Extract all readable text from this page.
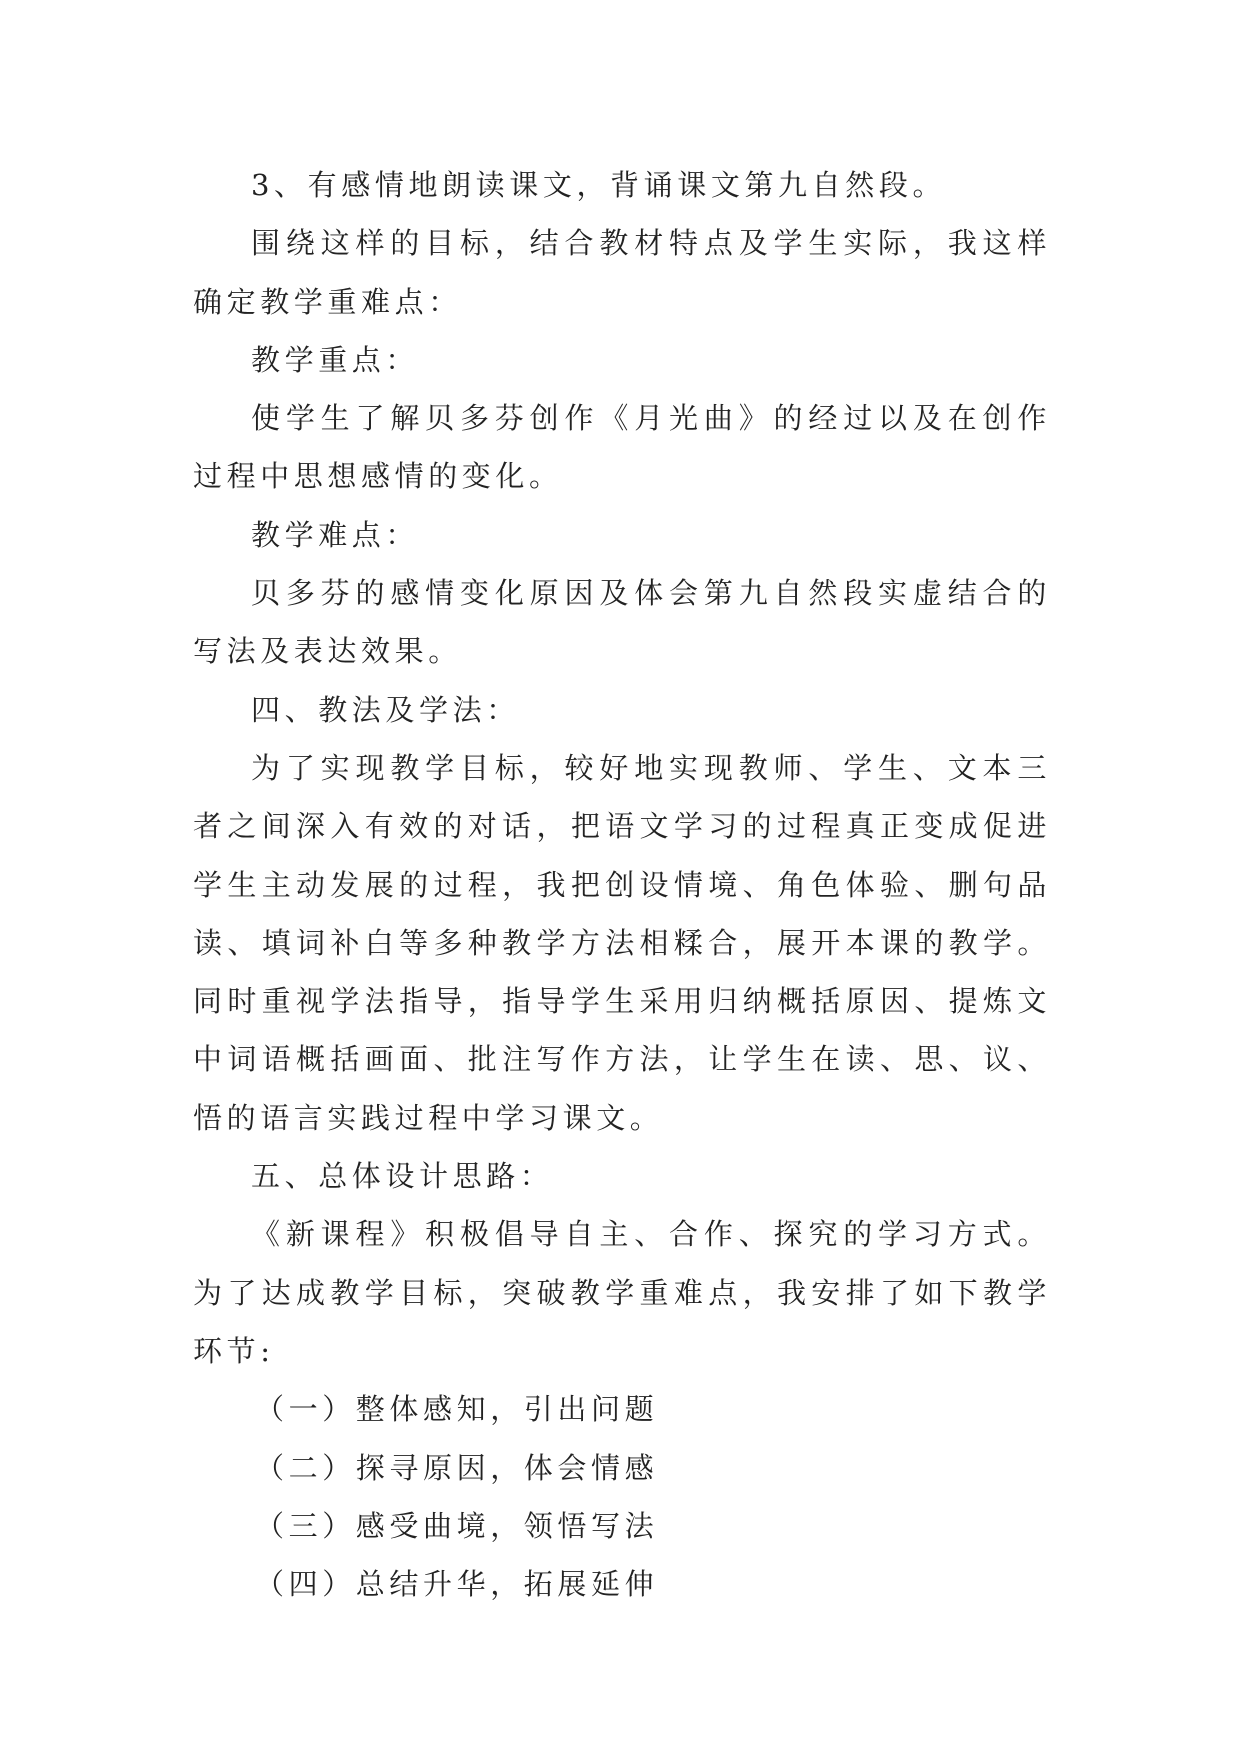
3、有感情地朗读课文，背诵课文第九自然段。

围绕这样的目标，结合教材特点及学生实际，我这样确定教学重难点：

教学重点：

使学生了解贝多芬创作《月光曲》的经过以及在创作过程中思想感情的变化。

教学难点：

贝多芬的感情变化原因及体会第九自然段实虚结合的写法及表达效果。

四、教法及学法：

为了实现教学目标，较好地实现教师、学生、文本三者之间深入有效的对话，把语文学习的过程真正变成促进学生主动发展的过程，我把创设情境、角色体验、删句品读、填词补白等多种教学方法相糅合，展开本课的教学。同时重视学法指导，指导学生采用归纳概括原因、提炼文中词语概括画面、批注写作方法，让学生在读、思、议、悟的语言实践过程中学习课文。

五、总体设计思路：

《新课程》积极倡导自主、合作、探究的学习方式。为了达成教学目标，突破教学重难点，我安排了如下教学环节:

（一）整体感知，引出问题

（二）探寻原因，体会情感

（三）感受曲境，领悟写法

（四）总结升华，拓展延伸
